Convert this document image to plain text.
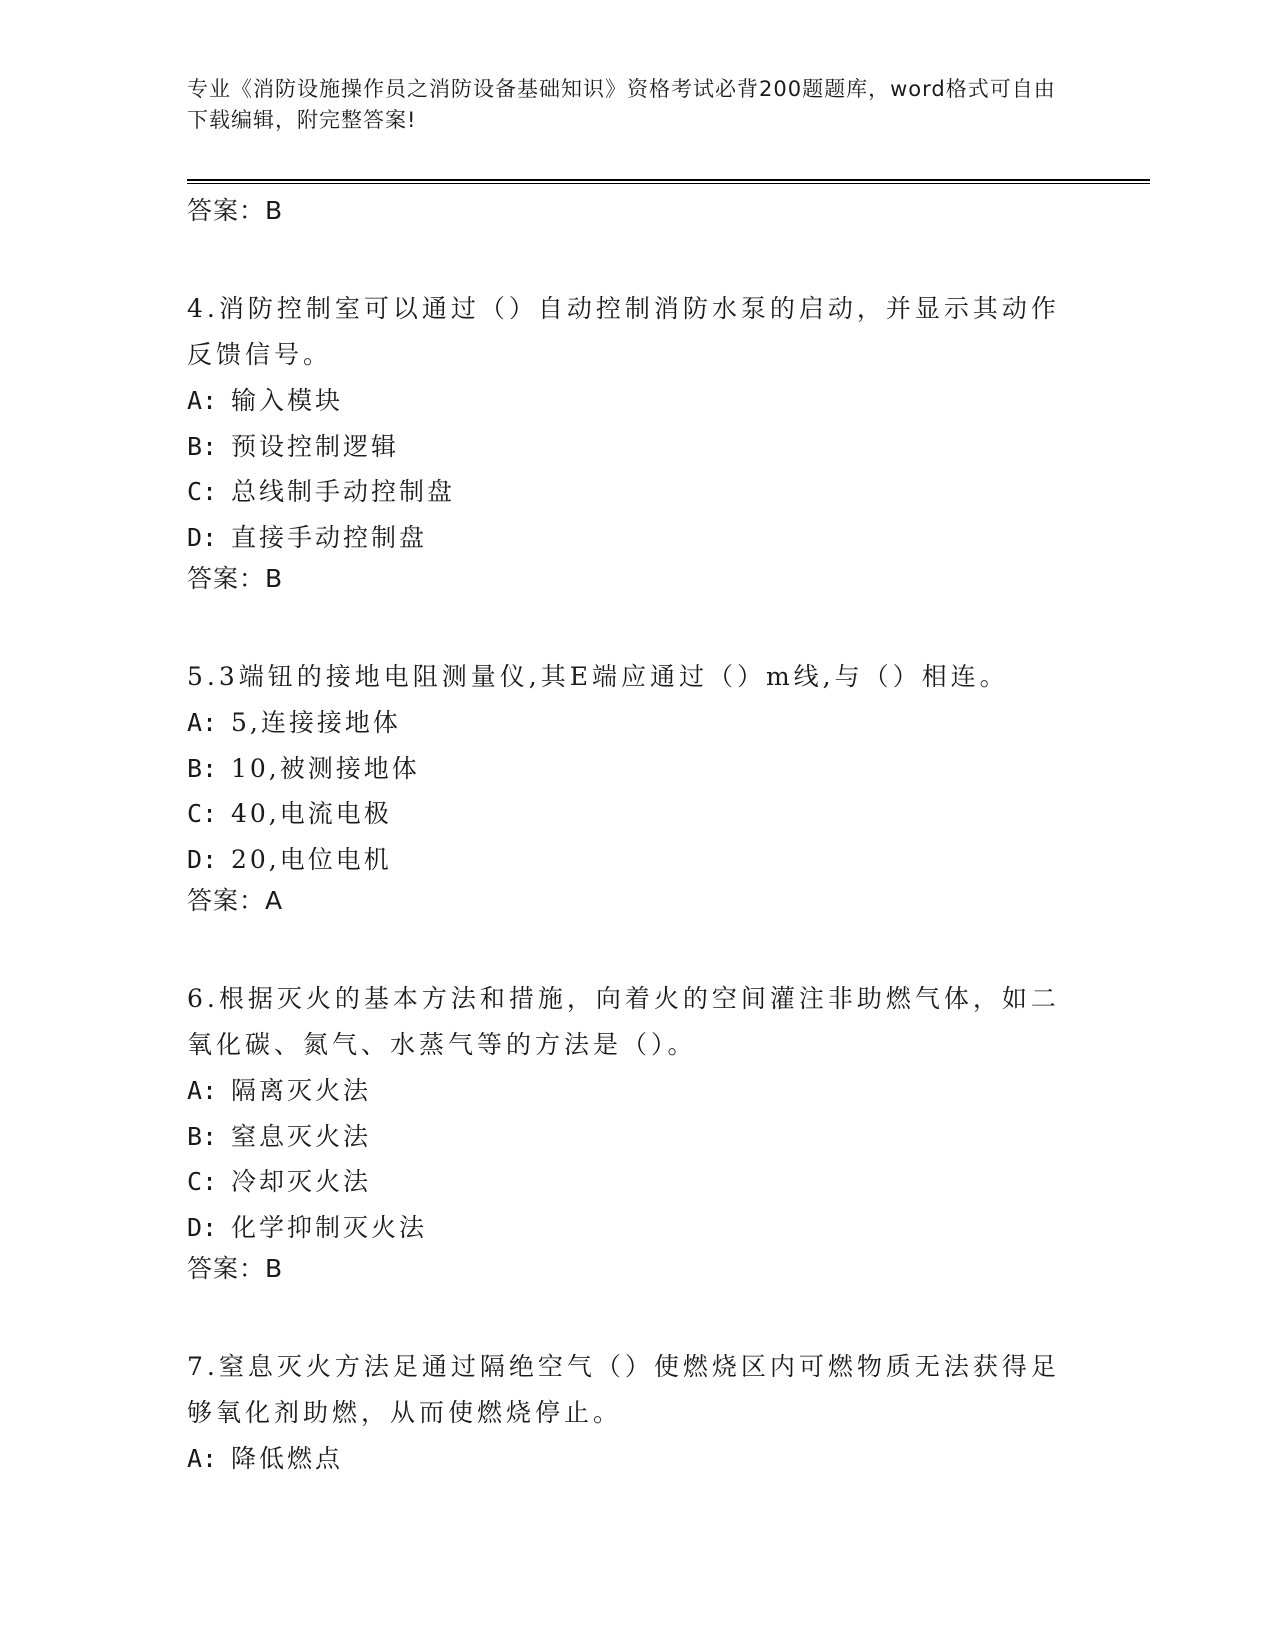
专业《消防设施操作员之消防设备基础知识》资格考试必背200题题库，word格式可自由下载编辑，附完整答案!
答案：B

4.消防控制室可以通过（）自动控制消防水泵的启动，并显示其动作反馈信号。

A: 输入模块
B: 预设控制逻辑
C: 总线制手动控制盘
D: 直接手动控制盘
答案：B

5.3端钮的接地电阻测量仪,其E端应通过（）m线,与（）相连。

A: 5,连接接地体
B: 10,被测接地体
C: 40,电流电极
D: 20,电位电机
答案：A

6.根据灭火的基本方法和措施，向着火的空间灌注非助燃气体，如二氧化碳、氮气、水蒸气等的方法是（）。

A: 隔离灭火法
B: 窒息灭火法
C: 冷却灭火法
D: 化学抑制灭火法
答案：B

7.窒息灭火方法足通过隔绝空气（）使燃烧区内可燃物质无法获得足够氧化剂助燃，从而使燃烧停止。

A: 降低燃点
